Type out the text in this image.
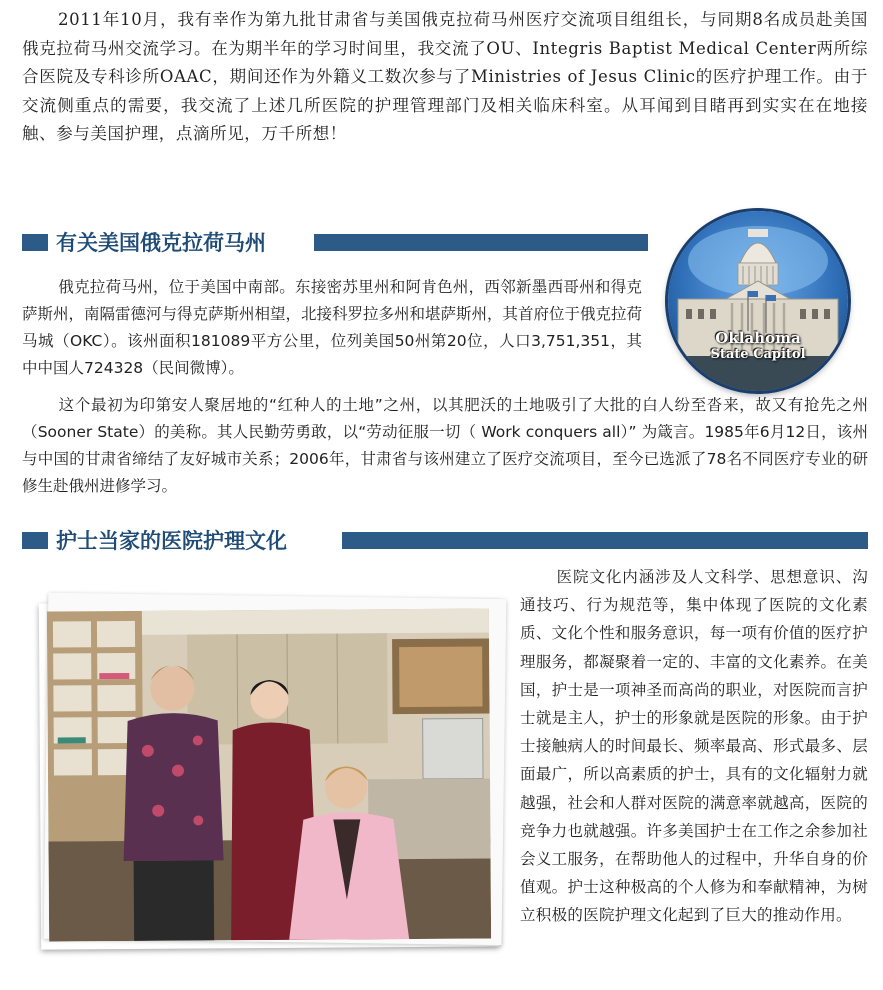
2011年10月，我有幸作为第九批甘肃省与美国俄克拉荷马州医疗交流项目组组长，与同期8名成员赴美国俄克拉荷马州交流学习。在为期半年的学习时间里，我交流了OU、Integris Baptist Medical Center两所综合医院及专科诊所OAAC，期间还作为外籍义工数次参与了Ministries of Jesus Clinic的医疗护理工作。由于交流侧重点的需要，我交流了上述几所医院的护理管理部门及相关临床科室。从耳闻到目睹再到实实在在地接触、参与美国护理，点滴所见，万千所想！

有关美国俄克拉荷马州

俄克拉荷马州，位于美国中南部。东接密苏里州和阿肯色州，西邻新墨西哥州和得克萨斯州，南隔雷德河与得克萨斯州相望，北接科罗拉多州和堪萨斯州，其首府位于俄克拉荷马城（OKC）。该州面积181089平方公里，位列美国50州第20位，人口3,751,351，其中中国人724328（民间微博）。

Oklahoma
State Capitol

这个最初为印第安人聚居地的“红种人的土地”之州，以其肥沃的土地吸引了大批的白人纷至沓来，故又有抢先之州（Sooner State）的美称。其人民勤劳勇敢，以“劳动征服一切（ Work conquers all）” 为箴言。1985年6月12日，该州与中国的甘肃省缔结了友好城市关系；2006年，甘肃省与该州建立了医疗交流项目，至今已选派了78名不同医疗专业的研修生赴俄州进修学习。

护士当家的医院护理文化

医院文化内涵涉及人文科学、思想意识、沟通技巧、行为规范等，集中体现了医院的文化素质、文化个性和服务意识，每一项有价值的医疗护理服务，都凝聚着一定的、丰富的文化素养。在美国，护士是一项神圣而高尚的职业，对医院而言护士就是主人，护士的形象就是医院的形象。由于护士接触病人的时间最长、频率最高、形式最多、层面最广，所以高素质的护士，具有的文化辐射力就越强，社会和人群对医院的满意率就越高，医院的竞争力也就越强。许多美国护士在工作之余参加社会义工服务，在帮助他人的过程中，升华自身的价值观。护士这种极高的个人修为和奉献精神，为树立积极的医院护理文化起到了巨大的推动作用。
